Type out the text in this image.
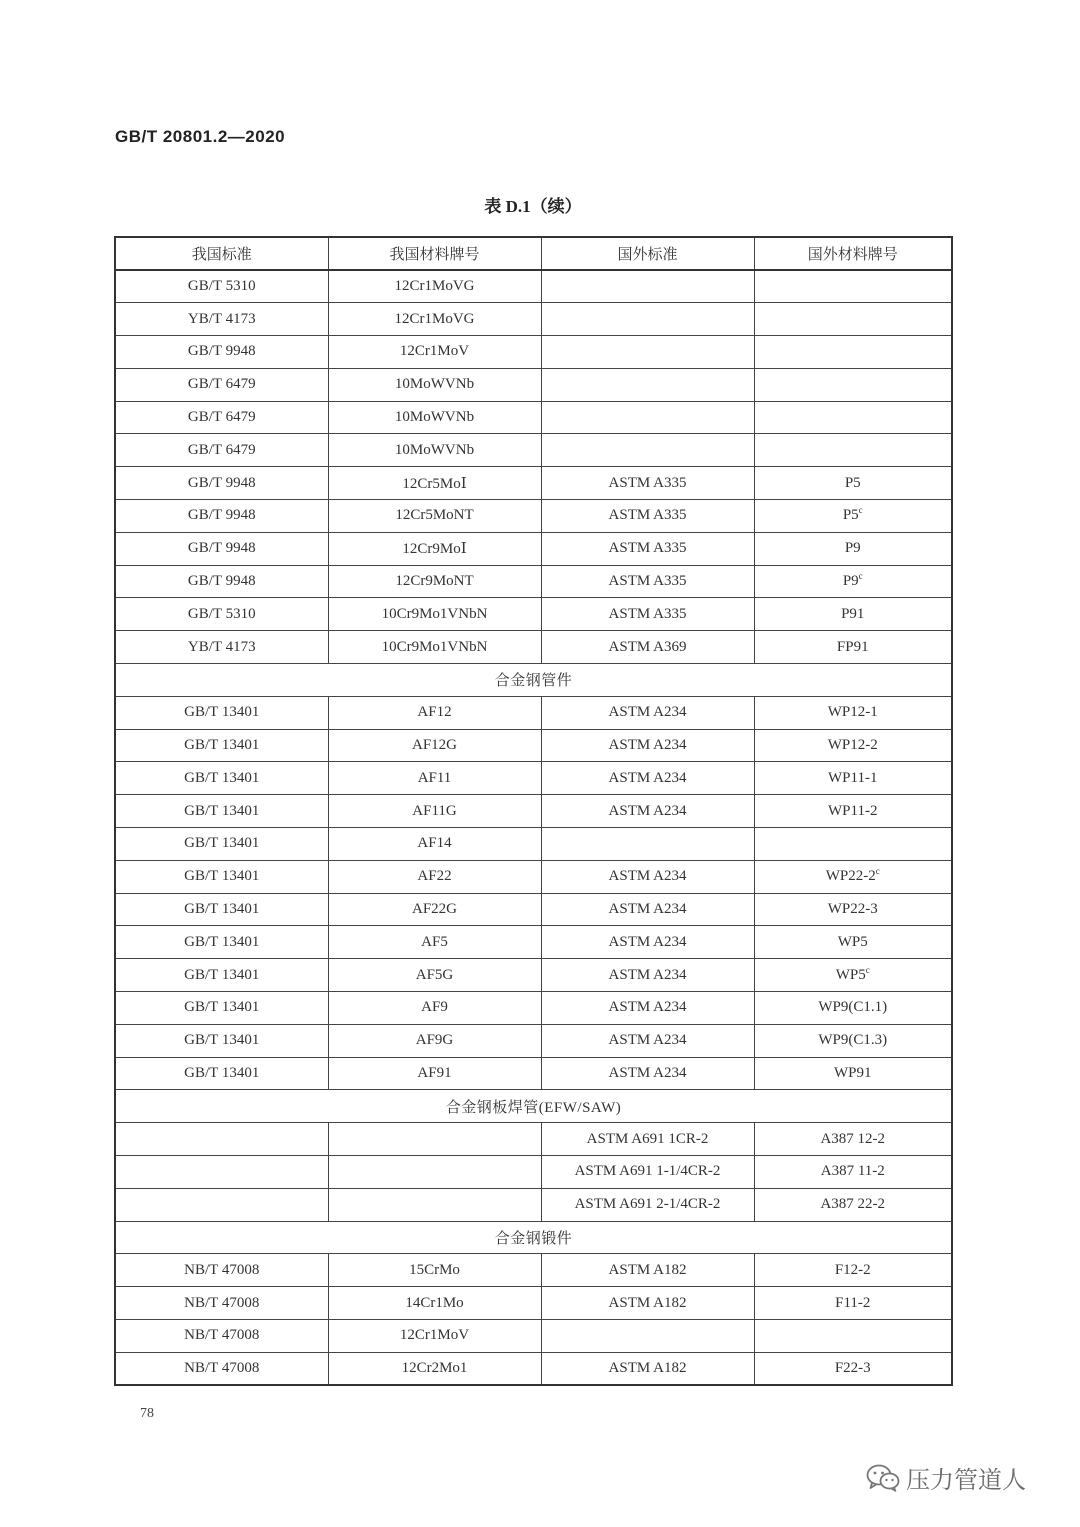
GB/T 20801.2—2020
表 D.1（续）
我国标准	我国材料牌号	国外标准	国外材料牌号
GB/T 5310	12Cr1MoVG		
YB/T 4173	12Cr1MoVG		
GB/T 9948	12Cr1MoV		
GB/T 6479	10MoWVNb		
GB/T 6479	10MoWVNb		
GB/T 6479	10MoWVNb		
GB/T 9948	12Cr5MoⅠ	ASTM A335	P5
GB/T 9948	12Cr5MoNT	ASTM A335	P5$^c$
GB/T 9948	12Cr9MoⅠ	ASTM A335	P9
GB/T 9948	12Cr9MoNT	ASTM A335	P9$^c$
GB/T 5310	10Cr9Mo1VNbN	ASTM A335	P91
YB/T 4173	10Cr9Mo1VNbN	ASTM A369	FP91
合金钢管件			
GB/T 13401	AF12	ASTM A234	WP12-1
GB/T 13401	AF12G	ASTM A234	WP12-2
GB/T 13401	AF11	ASTM A234	WP11-1
GB/T 13401	AF11G	ASTM A234	WP11-2
GB/T 13401	AF14		
GB/T 13401	AF22	ASTM A234	WP22-2$^c$
GB/T 13401	AF22G	ASTM A234	WP22-3
GB/T 13401	AF5	ASTM A234	WP5
GB/T 13401	AF5G	ASTM A234	WP5$^c$
GB/T 13401	AF9	ASTM A234	WP9(C1.1)
GB/T 13401	AF9G	ASTM A234	WP9(C1.3)
GB/T 13401	AF91	ASTM A234	WP91
合金钢板焊管(EFW/SAW)			
		ASTM A691 1CR-2	A387 12-2
		ASTM A691 1-1/4CR-2	A387 11-2
		ASTM A691 2-1/4CR-2	A387 22-2
合金钢锻件			
NB/T 47008	15CrMo	ASTM A182	F12-2
NB/T 47008	14Cr1Mo	ASTM A182	F11-2
NB/T 47008	12Cr1MoV		
NB/T 47008	12Cr2Mo1	ASTM A182	F22-3
78
压力管道人
